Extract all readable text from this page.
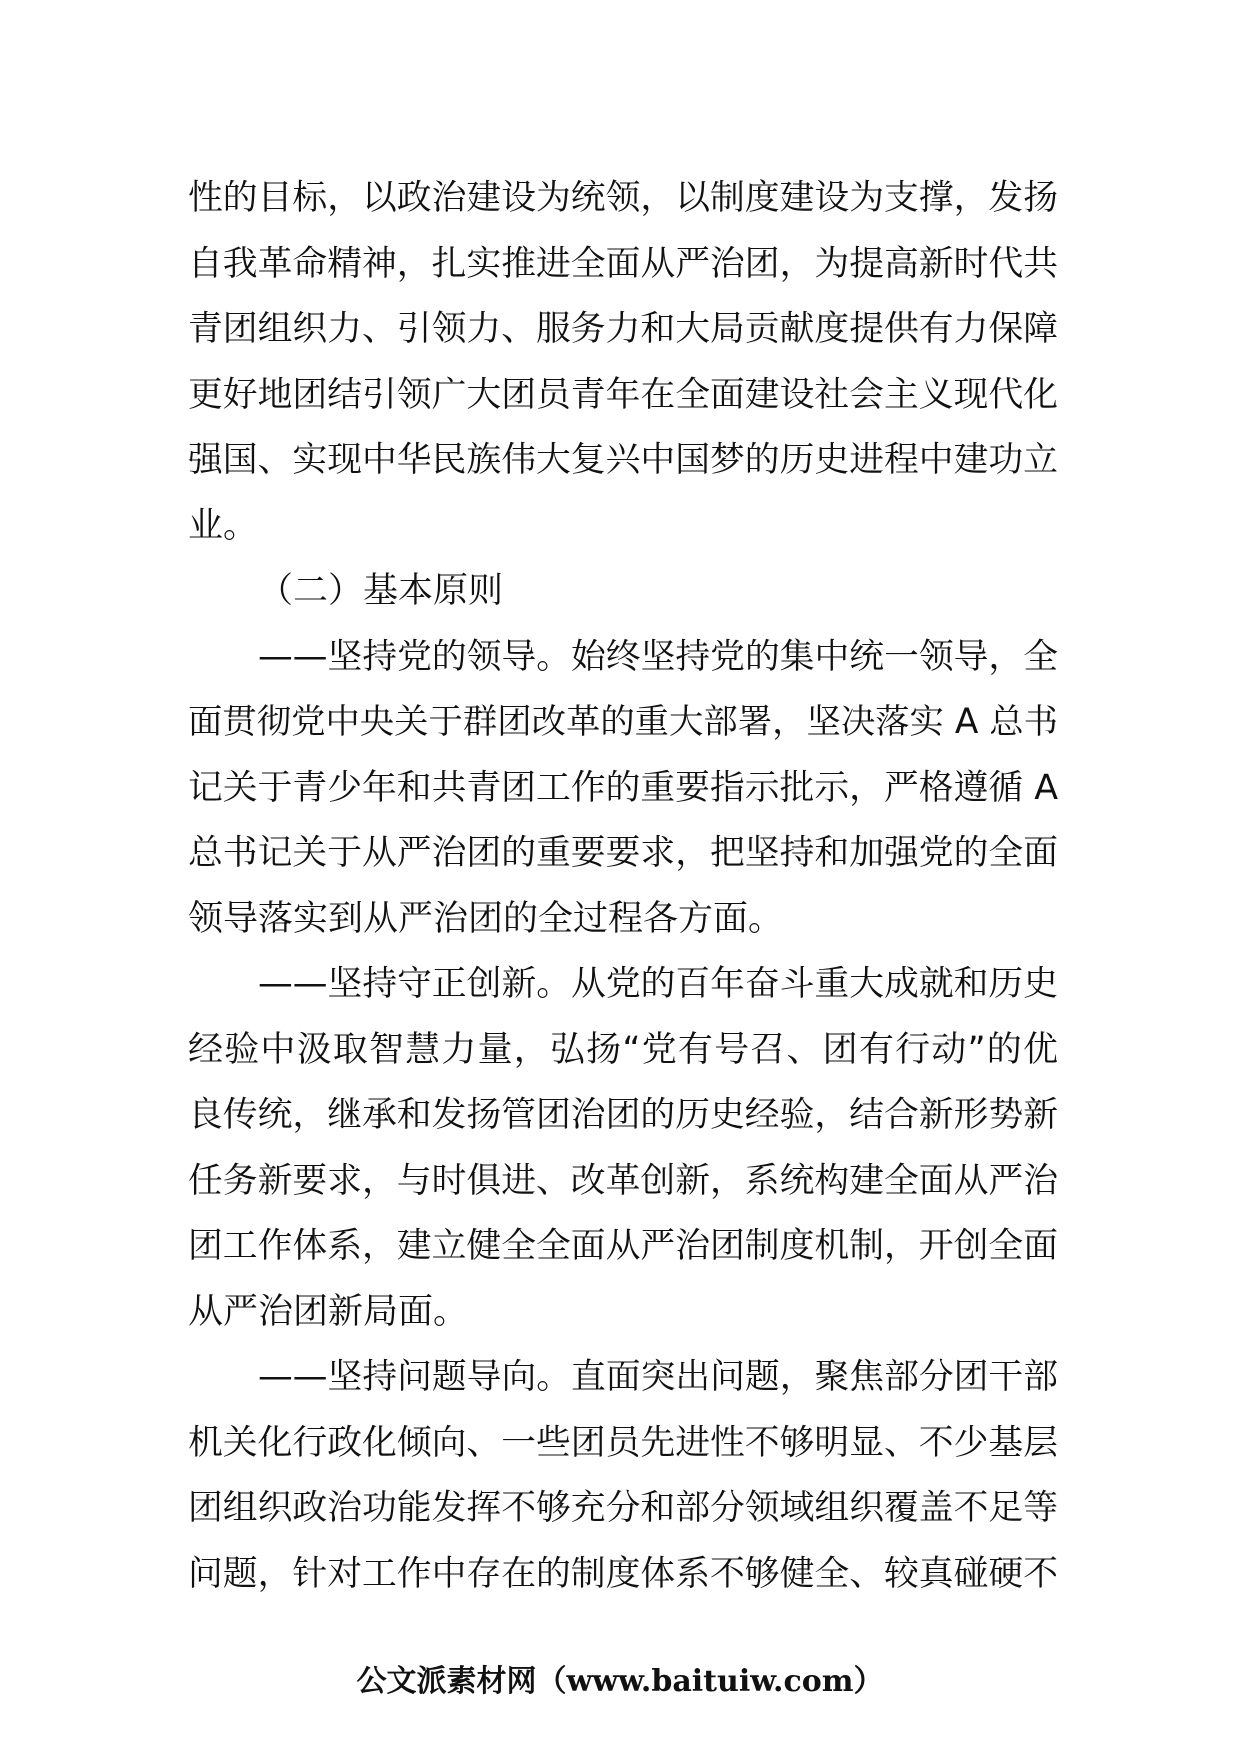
性的目标，以政治建设为统领，以制度建设为支撑，发扬
自我革命精神，扎实推进全面从严治团，为提高新时代共
青团组织力、引领力、服务力和大局贡献度提供有力保障
更好地团结引领广大团员青年在全面建设社会主义现代化
强国、实现中华民族伟大复兴中国梦的历史进程中建功立
业。
（二）基本原则
——坚持党的领导。始终坚持党的集中统一领导，全
面贯彻党中央关于群团改革的重大部署，坚决落实 A 总书
记关于青少年和共青团工作的重要指示批示，严格遵循 A
总书记关于从严治团的重要要求，把坚持和加强党的全面
领导落实到从严治团的全过程各方面。
——坚持守正创新。从党的百年奋斗重大成就和历史
经验中汲取智慧力量，弘扬“党有号召、团有行动”的优
良传统，继承和发扬管团治团的历史经验，结合新形势新
任务新要求，与时俱进、改革创新，系统构建全面从严治
团工作体系，建立健全全面从严治团制度机制，开创全面
从严治团新局面。
——坚持问题导向。直面突出问题，聚焦部分团干部
机关化行政化倾向、一些团员先进性不够明显、不少基层
团组织政治功能发挥不够充分和部分领域组织覆盖不足等
问题，针对工作中存在的制度体系不够健全、较真碰硬不
公文派素材网（www.baituiw.com）
